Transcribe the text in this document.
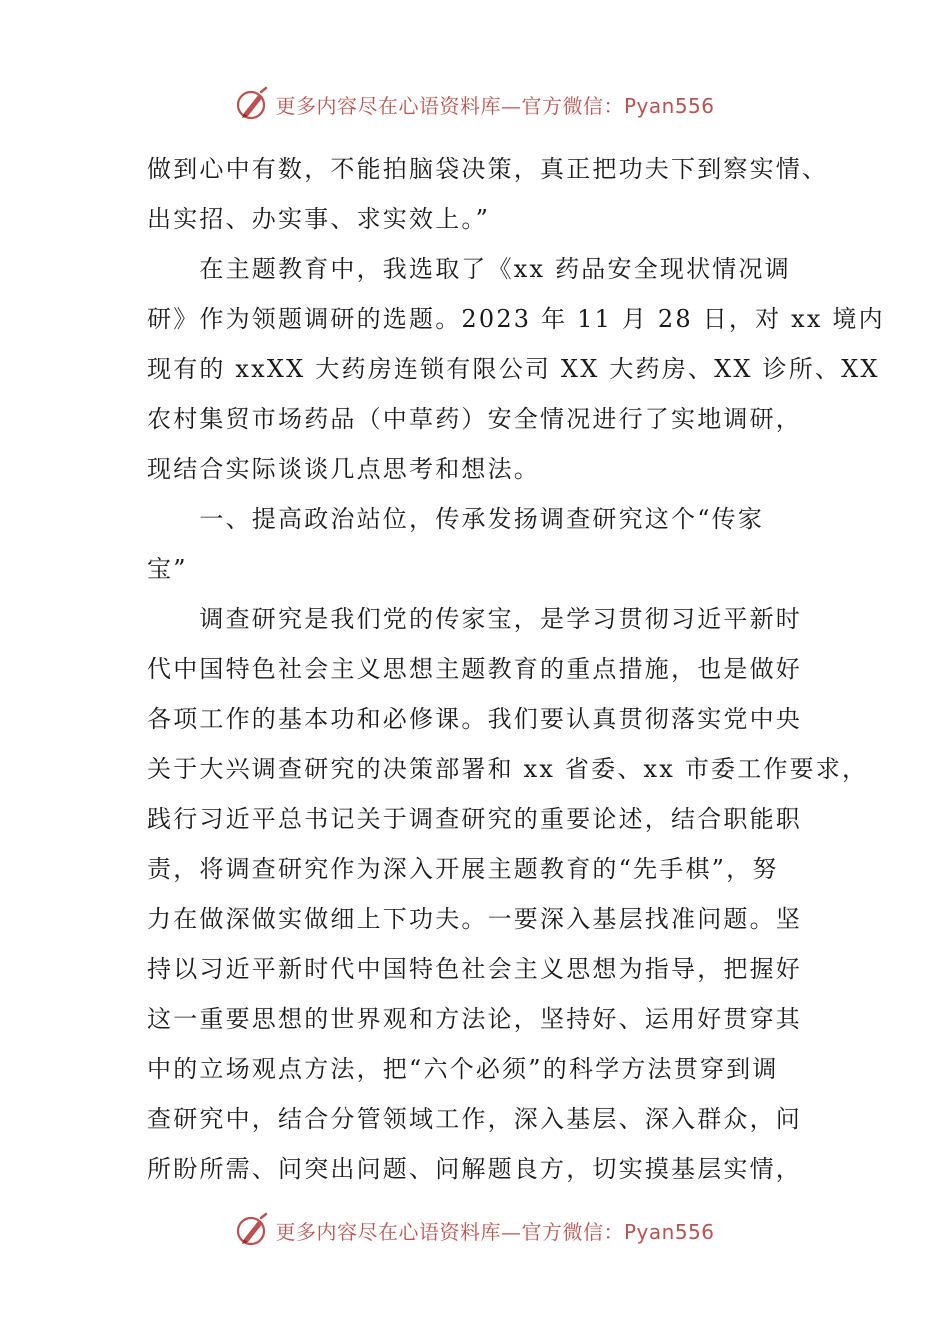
更多内容尽在心语资料库—官方微信：Pyan556
做到心中有数，不能拍脑袋决策，真正把功夫下到察实情、
出实招、办实事、求实效上。”
　　在主题教育中，我选取了《xx 药品安全现状情况调
研》作为领题调研的选题。2023 年 11 月 28 日，对 xx 境内
现有的 xxXX 大药房连锁有限公司 XX 大药房、XX 诊所、XX
农村集贸市场药品（中草药）安全情况进行了实地调研，
现结合实际谈谈几点思考和想法。
　　一、提高政治站位，传承发扬调查研究这个“传家
宝”
　　调查研究是我们党的传家宝，是学习贯彻习近平新时
代中国特色社会主义思想主题教育的重点措施，也是做好
各项工作的基本功和必修课。我们要认真贯彻落实党中央
关于大兴调查研究的决策部署和 xx 省委、xx 市委工作要求，
践行习近平总书记关于调查研究的重要论述，结合职能职
责，将调查研究作为深入开展主题教育的“先手棋”，努
力在做深做实做细上下功夫。一要深入基层找准问题。坚
持以习近平新时代中国特色社会主义思想为指导，把握好
这一重要思想的世界观和方法论，坚持好、运用好贯穿其
中的立场观点方法，把“六个必须”的科学方法贯穿到调
查研究中，结合分管领域工作，深入基层、深入群众，问
所盼所需、问突出问题、问解题良方，切实摸基层实情，
更多内容尽在心语资料库—官方微信：Pyan556
